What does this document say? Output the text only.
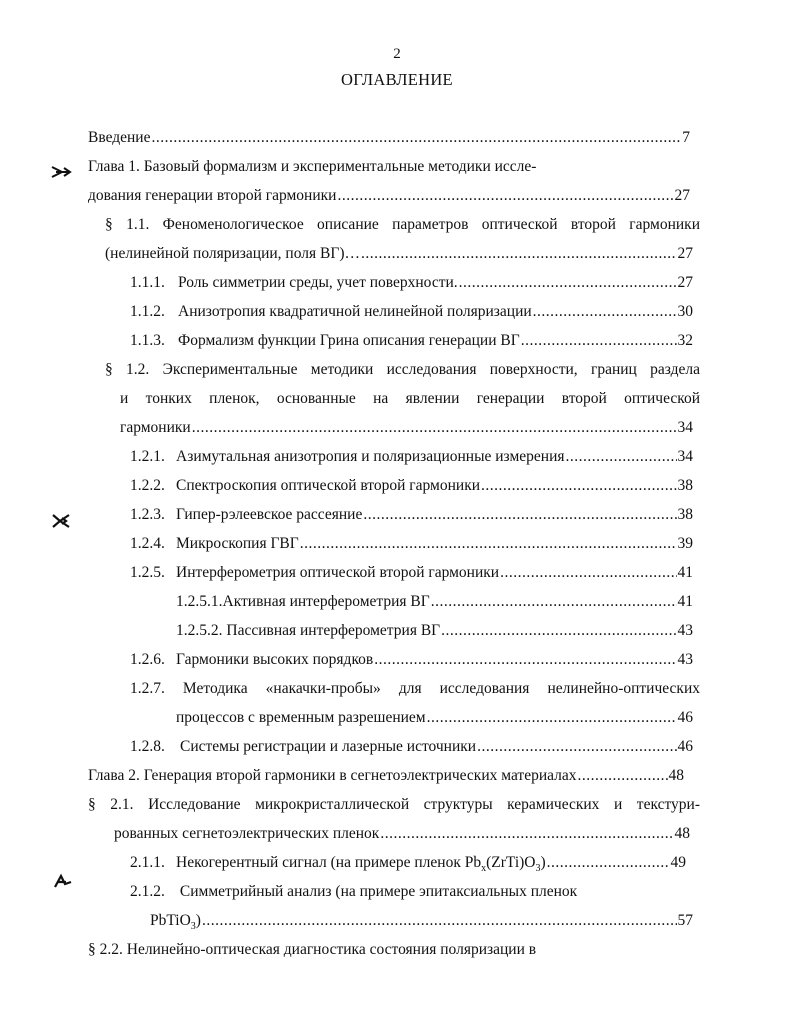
2
ОГЛАВЛЕНИЕ
Введение .....	7
Глава 1. Базовый формализм и экспериментальные методики иссле-
дования генерации второй гармоники .....	27
§ 1.1. Феноменологическое описание параметров оптической второй гармоники
(нелинейной поляризации, поля ВГ)… .....	27
1.1.1. Роль симметрии среды, учет поверхности. .....	27
1.1.2. Анизотропия квадратичной нелинейной поляризации .....	30
1.1.3. Формализм функции Грина описания генерации ВГ .....	32
§ 1.2. Экспериментальные методики исследования поверхности, границ раздела
и тонких пленок, основанные на явлении генерации второй оптической
гармоники .....	34
1.2.1. Азимутальная анизотропия и поляризационные измерения .....	34
1.2.2. Спектроскопия оптической второй гармоники .....	38
1.2.3. Гипер-рэлеевское рассеяние .....	38
1.2.4. Микроскопия ГВГ .....	39
1.2.5. Интерферометрия оптической второй гармоники .....	41
1.2.5.1.Активная интерферометрия ВГ .....	41
1.2.5.2. Пассивная интерферометрия ВГ .....	43
1.2.6. Гармоники высоких порядков .....	43
1.2.7. Методика «накачки-пробы» для исследования нелинейно-оптических
процессов с временным разрешением .....	46
1.2.8. Системы регистрации и лазерные источники .....	46
Глава 2. Генерация второй гармоники в сегнетоэлектрических материалах .....	48
§ 2.1. Исследование микрокристаллической структуры керамических и текстури-
рованных сегнетоэлектрических пленок .....	48
2.1.1. Некогерентный сигнал (на примере пленок $Pb_x(ZrTi)O_3$) .....	49
2.1.2. Симметрийный анализ (на примере эпитаксиальных пленок
PbTiO$_3$) .....	57
§ 2.2. Нелинейно-оптическая диагностика состояния поляризации в
